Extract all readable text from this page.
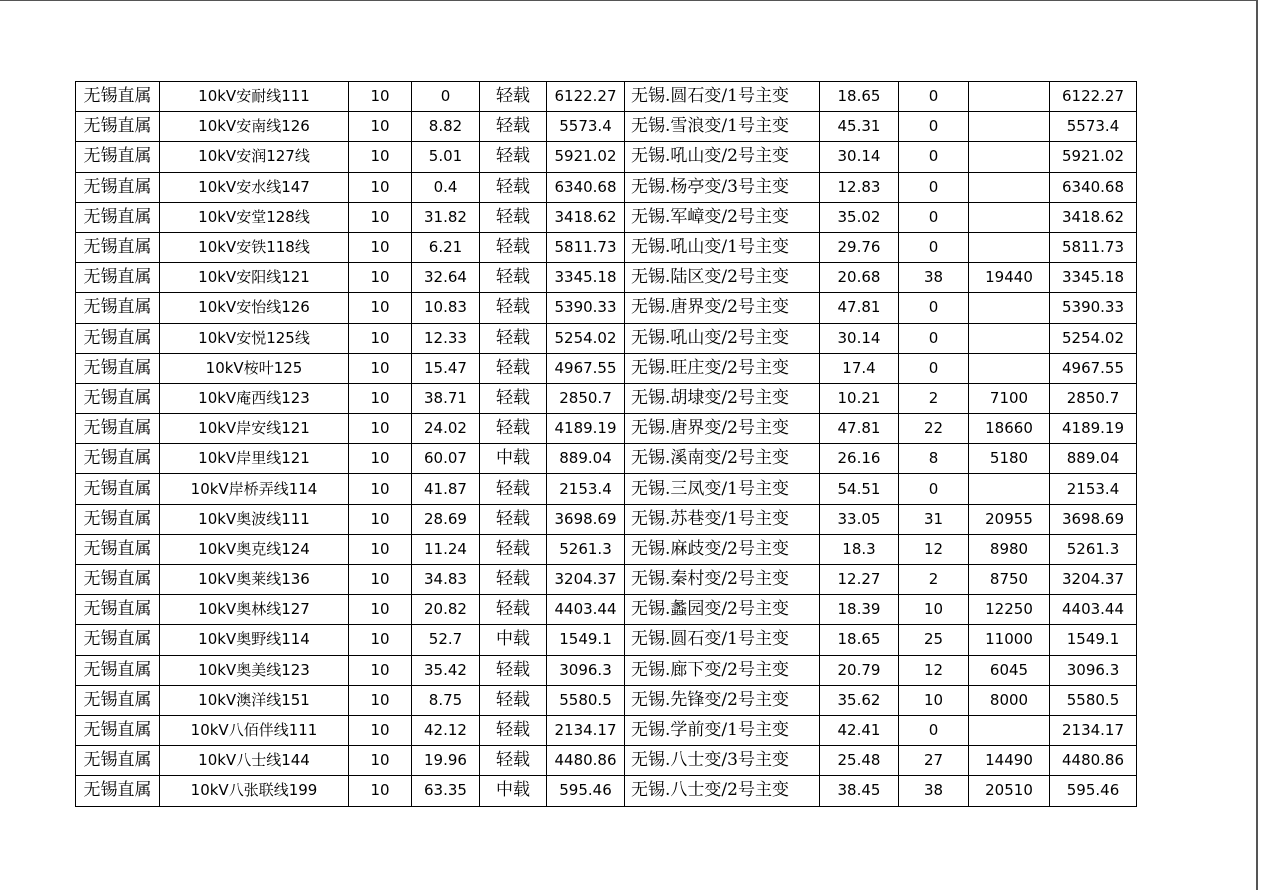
无锡直属	10kV安耐线111	10	0	轻载	6122.27	无锡.圆石变/1号主变	18.65	0		6122.27
无锡直属	10kV安南线126	10	8.82	轻载	5573.4	无锡.雪浪变/1号主变	45.31	0		5573.4
无锡直属	10kV安润127线	10	5.01	轻载	5921.02	无锡.吼山变/2号主变	30.14	0		5921.02
无锡直属	10kV安水线147	10	0.4	轻载	6340.68	无锡.杨亭变/3号主变	12.83	0		6340.68
无锡直属	10kV安堂128线	10	31.82	轻载	3418.62	无锡.军嶂变/2号主变	35.02	0		3418.62
无锡直属	10kV安铁118线	10	6.21	轻载	5811.73	无锡.吼山变/1号主变	29.76	0		5811.73
无锡直属	10kV安阳线121	10	32.64	轻载	3345.18	无锡.陆区变/2号主变	20.68	38	19440	3345.18
无锡直属	10kV安怡线126	10	10.83	轻载	5390.33	无锡.唐界变/2号主变	47.81	0		5390.33
无锡直属	10kV安悦125线	10	12.33	轻载	5254.02	无锡.吼山变/2号主变	30.14	0		5254.02
无锡直属	10kV桉叶125	10	15.47	轻载	4967.55	无锡.旺庄变/2号主变	17.4	0		4967.55
无锡直属	10kV庵西线123	10	38.71	轻载	2850.7	无锡.胡埭变/2号主变	10.21	2	7100	2850.7
无锡直属	10kV岸安线121	10	24.02	轻载	4189.19	无锡.唐界变/2号主变	47.81	22	18660	4189.19
无锡直属	10kV岸里线121	10	60.07	中载	889.04	无锡.溪南变/2号主变	26.16	8	5180	889.04
无锡直属	10kV岸桥弄线114	10	41.87	轻载	2153.4	无锡.三凤变/1号主变	54.51	0		2153.4
无锡直属	10kV奥波线111	10	28.69	轻载	3698.69	无锡.苏巷变/1号主变	33.05	31	20955	3698.69
无锡直属	10kV奥克线124	10	11.24	轻载	5261.3	无锡.麻歧变/2号主变	18.3	12	8980	5261.3
无锡直属	10kV奥莱线136	10	34.83	轻载	3204.37	无锡.秦村变/2号主变	12.27	2	8750	3204.37
无锡直属	10kV奥林线127	10	20.82	轻载	4403.44	无锡.蠡园变/2号主变	18.39	10	12250	4403.44
无锡直属	10kV奥野线114	10	52.7	中载	1549.1	无锡.圆石变/1号主变	18.65	25	11000	1549.1
无锡直属	10kV奥美线123	10	35.42	轻载	3096.3	无锡.廊下变/2号主变	20.79	12	6045	3096.3
无锡直属	10kV澳洋线151	10	8.75	轻载	5580.5	无锡.先锋变/2号主变	35.62	10	8000	5580.5
无锡直属	10kV八佰伴线111	10	42.12	轻载	2134.17	无锡.学前变/1号主变	42.41	0		2134.17
无锡直属	10kV八士线144	10	19.96	轻载	4480.86	无锡.八士变/3号主变	25.48	27	14490	4480.86
无锡直属	10kV八张联线199	10	63.35	中载	595.46	无锡.八士变/2号主变	38.45	38	20510	595.46
